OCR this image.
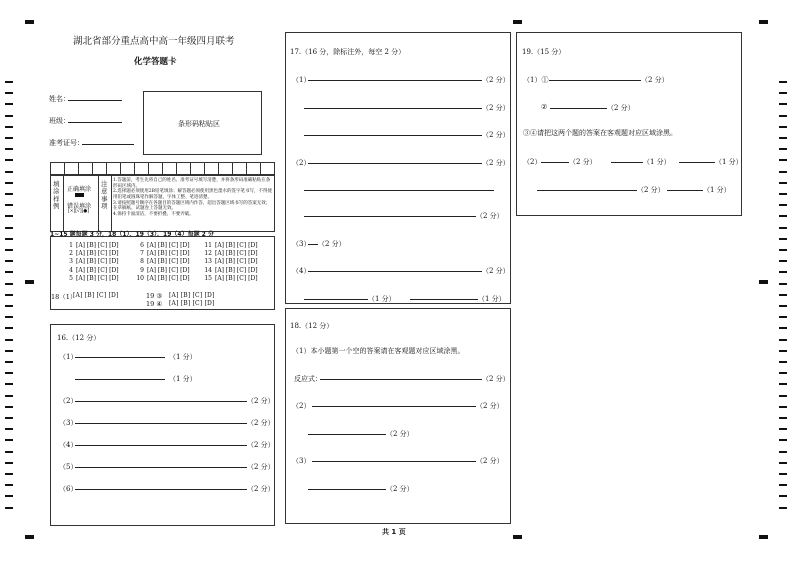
湖北省部分重点高中高一年级四月联考
化学答题卡
姓名：
班级：
准考证号：
条形码粘贴区
填涂样例
正确填涂
错误填涂
[×][√][●]
注意事项
1.答题前，考生先将自己的姓名、准考证号填写清楚，并将条形码准确粘贴在条形码区域内。
2.选择题必须使用2B铅笔填涂；解答题必须使用黑色墨水的签字笔书写，不得使用铅笔或圆珠笔作解答题，字体工整、笔迹清楚。
3.请按照题号顺序在各题目的答题区域内作答，超出答题区域书写的答案无效；在草稿纸、试题卷上答题无效。
4.保持卡面清洁，不要折叠、不要弄破。
1~15 题每题 3 分，18（1）、19（3）、19（4）每题 2 分
1 [A] [B] [C] [D]
2 [A] [B] [C] [D]
3 [A] [B] [C] [D]
4 [A] [B] [C] [D]
5 [A] [B] [C] [D]
6 [A] [B] [C] [D]
7 [A] [B] [C] [D]
8 [A] [B] [C] [D]
9 [A] [B] [C] [D]
10 [A] [B] [C] [D]
11 [A] [B] [C] [D]
12 [A] [B] [C] [D]
13 [A] [B] [C] [D]
14 [A] [B] [C] [D]
15 [A] [B] [C] [D]
18（1）
[A] [B] [C] [D]	19 ③ [A] [B] [C] [D]
19 ④ [A] [B] [C] [D]
16.（12 分）
（1）	（1 分）
（1 分）
（2）	（2 分）
（3）	（2 分）
（4）	（2 分）
（5）	（2 分）
（6）	（2 分）
17.（16 分，除标注外，每空 2 分）
（1）	（2 分）
（2 分）
（2 分）
（2）	（2 分）
（2 分）
（3） （2 分）
（4）	（2 分）
（1 分）	（1 分）
18.（12 分）
（1）本小题第一个空的答案请在客观题对应区域涂黑。
反应式：	（2 分）
（2）	（2 分）
（2 分）
（3）	（2 分）
（2 分）
19.（15 分）
（1）①	（2 分）
②	（2 分）
③④请把这两个题的答案在客观题对应区域涂黑。
（2）	（2 分）	（1 分）	（1 分）
（2 分）	（1 分）
共 1 页
